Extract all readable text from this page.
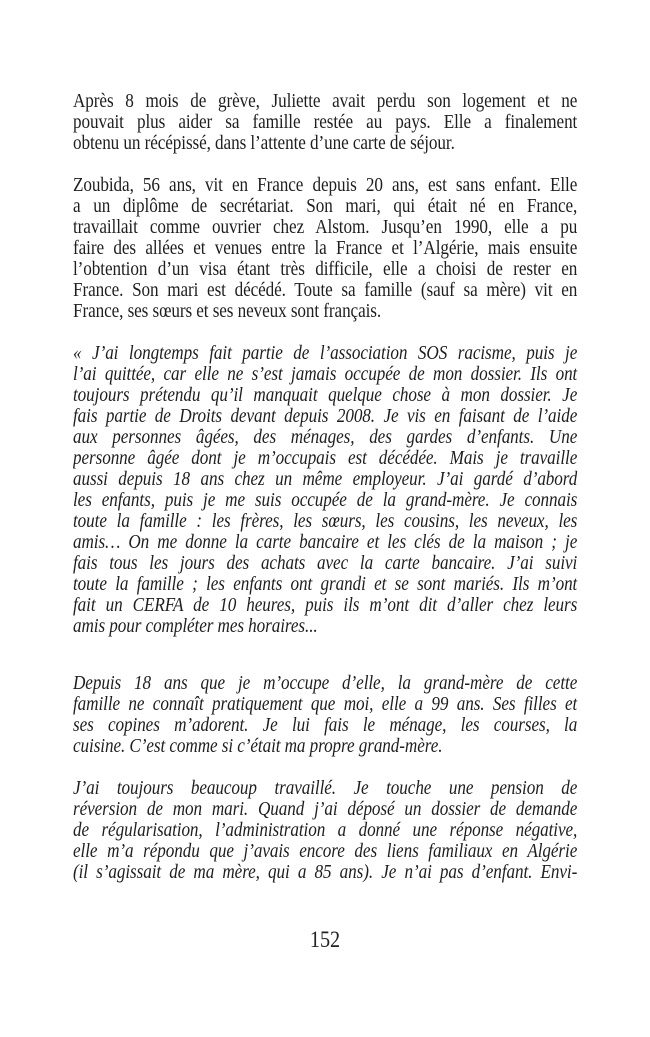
Après 8 mois de grève, Juliette avait perdu son logement et ne
pouvait plus aider sa famille restée au pays. Elle a finalement
obtenu un récépissé, dans l’attente d’une carte de séjour.
Zoubida, 56 ans, vit en France depuis 20 ans, est sans enfant. Elle
a un diplôme de secrétariat. Son mari, qui était né en France,
travaillait comme ouvrier chez Alstom. Jusqu’en 1990, elle a pu
faire des allées et venues entre la France et l’Algérie, mais ensuite
l’obtention d’un visa étant très difficile, elle a choisi de rester en
France. Son mari est décédé. Toute sa famille (sauf sa mère) vit en
France, ses sœurs et ses neveux sont français.
« J’ai longtemps fait partie de l’association SOS racisme, puis je
l’ai quittée, car elle ne s’est jamais occupée de mon dossier. Ils ont
toujours prétendu qu’il manquait quelque chose à mon dossier. Je
fais partie de Droits devant depuis 2008. Je vis en faisant de l’aide
aux personnes âgées, des ménages, des gardes d’enfants. Une
personne âgée dont je m’occupais est décédée. Mais je travaille
aussi depuis 18 ans chez un même employeur. J’ai gardé d’abord
les enfants, puis je me suis occupée de la grand-mère. Je connais
toute la famille : les frères, les sœurs, les cousins, les neveux, les
amis… On me donne la carte bancaire et les clés de la maison ; je
fais tous les jours des achats avec la carte bancaire. J’ai suivi
toute la famille ; les enfants ont grandi et se sont mariés. Ils m’ont
fait un CERFA de 10 heures, puis ils m’ont dit d’aller chez leurs
amis pour compléter mes horaires...
Depuis 18 ans que je m’occupe d’elle, la grand-mère de cette
famille ne connaît pratiquement que moi, elle a 99 ans. Ses filles et
ses copines m’adorent. Je lui fais le ménage, les courses, la
cuisine. C’est comme si c’était ma propre grand-mère.
J’ai toujours beaucoup travaillé. Je touche une pension de
réversion de mon mari. Quand j’ai déposé un dossier de demande
de régularisation, l’administration a donné une réponse négative,
elle m’a répondu que j’avais encore des liens familiaux en Algérie
(il s’agissait de ma mère, qui a 85 ans). Je n’ai pas d’enfant. Envi-
152
